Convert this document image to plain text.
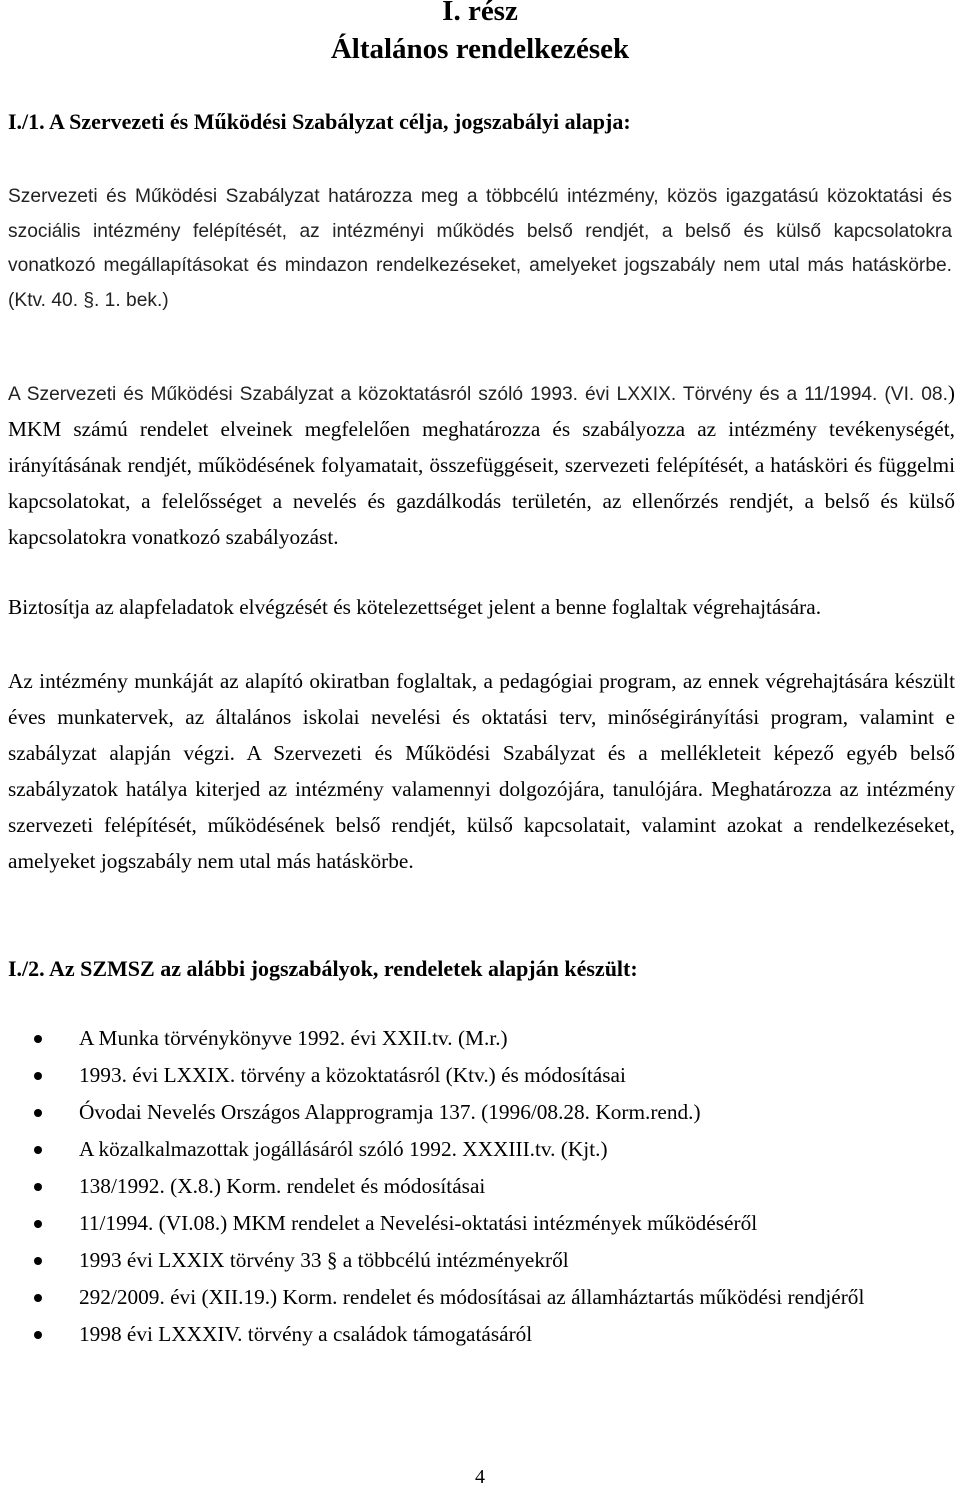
I. rész
Általános rendelkezések
I./1. A Szervezeti és Működési Szabályzat célja, jogszabályi alapja:
Szervezeti és Működési Szabályzat határozza meg a többcélú intézmény, közös igazgatású közoktatási és szociális intézmény felépítését, az intézményi működés belső rendjét, a belső és külső kapcsolatokra vonatkozó megállapításokat és mindazon rendelkezéseket, amelyeket jogszabály nem utal más hatáskörbe. (Ktv. 40. §. 1. bek.)
A Szervezeti és Működési Szabályzat a közoktatásról szóló 1993. évi LXXIX. Törvény és a 11/1994. (VI. 08.) MKM számú rendelet elveinek megfelelően meghatározza és szabályozza az intézmény tevékenységét, irányításának rendjét, működésének folyamatait, összefüggéseit, szervezeti felépítését, a hatásköri és függelmi kapcsolatokat, a felelősséget a nevelés és gazdálkodás területén, az ellenőrzés rendjét, a belső és külső kapcsolatokra vonatkozó szabályozást.
Biztosítja az alapfeladatok elvégzését és kötelezettséget jelent a benne foglaltak végrehajtására.
Az intézmény munkáját az alapító okiratban foglaltak, a pedagógiai program, az ennek végrehajtására készült éves munkatervek, az általános iskolai nevelési és oktatási terv, minőségirányítási program, valamint e szabályzat alapján végzi. A Szervezeti és Működési Szabályzat és a mellékleteit képező egyéb belső szabályzatok hatálya kiterjed az intézmény valamennyi dolgozójára, tanulójára. Meghatározza az intézmény szervezeti felépítését, működésének belső rendjét, külső kapcsolatait, valamint azokat a rendelkezéseket, amelyeket jogszabály nem utal más hatáskörbe.
I./2. Az SZMSZ az alábbi jogszabályok, rendeletek alapján készült:
A Munka törvénykönyve 1992. évi XXII.tv. (M.r.)
1993. évi LXXIX. törvény a közoktatásról (Ktv.) és módosításai
Óvodai Nevelés Országos Alapprogramja 137. (1996/08.28. Korm.rend.)
A közalkalmazottak jogállásáról szóló 1992. XXXIII.tv. (Kjt.)
138/1992. (X.8.) Korm. rendelet és módosításai
11/1994. (VI.08.) MKM rendelet a Nevelési-oktatási intézmények működéséről
1993 évi LXXIX törvény 33 § a többcélú intézményekről
292/2009. évi (XII.19.) Korm. rendelet és módosításai az államháztartás működési rendjéről
1998 évi LXXXIV. törvény a családok támogatásáról
4
